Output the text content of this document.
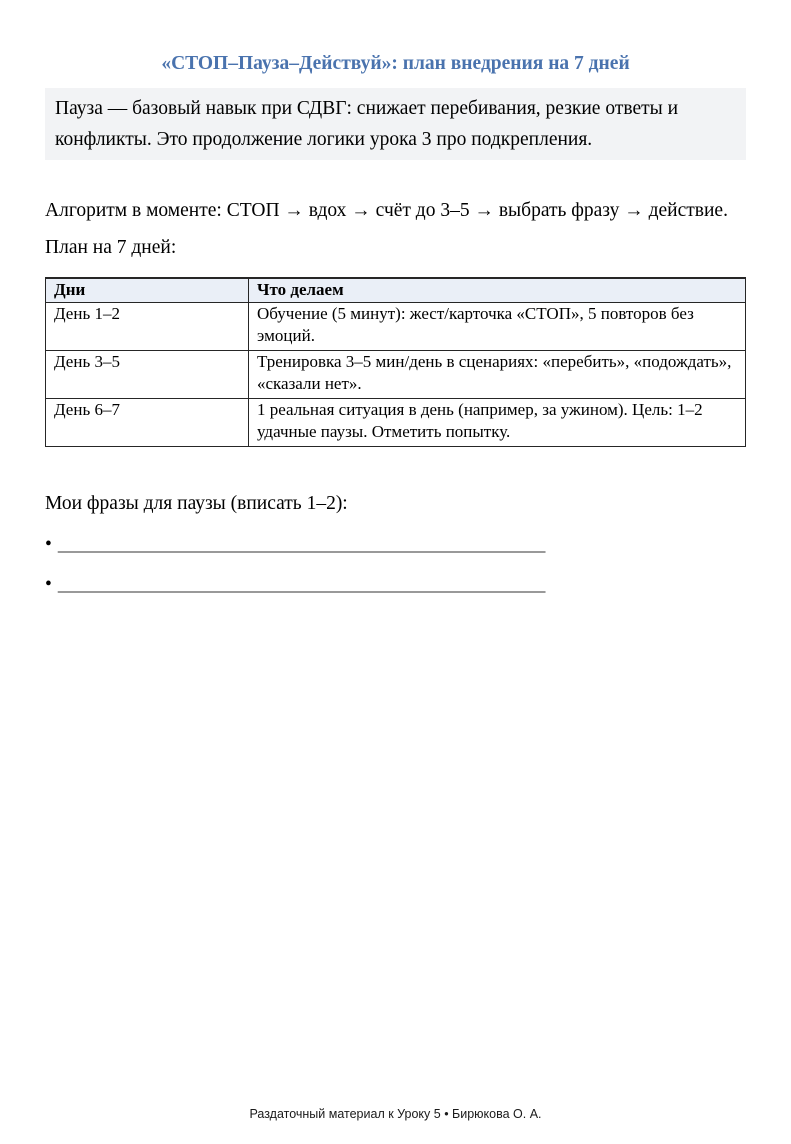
«СТОП–Пауза–Действуй»: план внедрения на 7 дней
Пауза — базовый навык при СДВГ: снижает перебивания, резкие ответы и конфликты. Это продолжение логики урока 3 про подкрепления.

Алгоритм в моменте: СТОП → вдох → счёт до 3–5 → выбрать фразу → действие.

План на 7 дней:

Дни	Что делаем
День 1–2	Обучение (5 минут): жест/карточка «СТОП», 5 повторов без эмоций.
День 3–5	Тренировка 3–5 мин/день в сценариях: «перебить», «подождать», «сказали нет».
День 6–7	1 реальная ситуация в день (например, за ужином). Цель: 1–2 удачные паузы. Отметить попытку.

Мои фразы для паузы (вписать 1–2):

• __________________________________________________

• __________________________________________________

Раздаточный материал к Уроку 5 • Бирюкова О. А.
